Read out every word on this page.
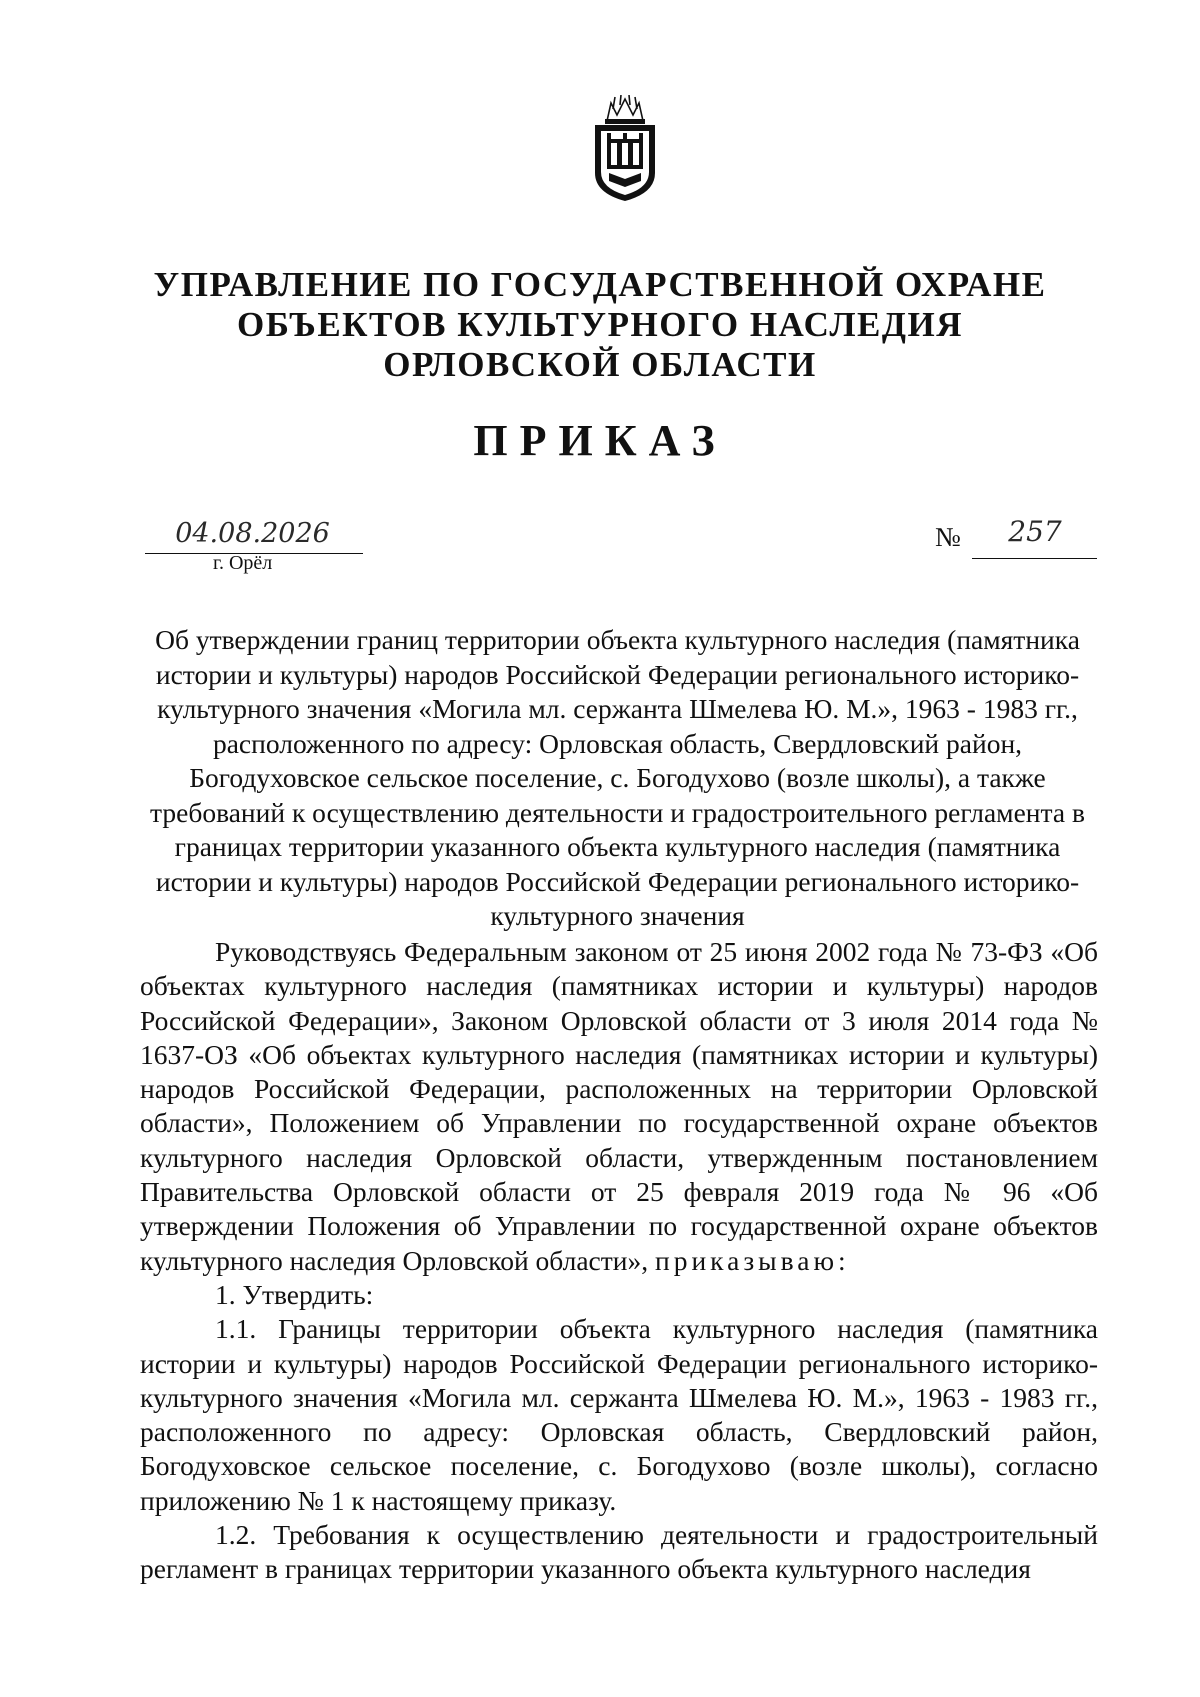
УПРАВЛЕНИЕ ПО ГОСУДАРСТВЕННОЙ ОХРАНЕ
ОБЪЕКТОВ КУЛЬТУРНОГО НАСЛЕДИЯ
ОРЛОВСКОЙ ОБЛАСТИ
ПРИКАЗ
04.08.2026
г. Орёл
№	257
Об утверждении границ территории объекта культурного наследия (памятника истории и культуры) народов Российской Федерации регионального историко-культурного значения «Могила мл. сержанта Шмелева Ю. М.», 1963 - 1983 гг., расположенного по адресу: Орловская область, Свердловский район, Богодуховское сельское поселение, с. Богодухово (возле школы), а также требований к осуществлению деятельности и градостроительного регламента в границах территории указанного объекта культурного наследия (памятника истории и культуры) народов Российской Федерации регионального историко-культурного значения

Руководствуясь Федеральным законом от 25 июня 2002 года № 73-ФЗ «Об объектах культурного наследия (памятниках истории и культуры) народов Российской Федерации», Законом Орловской области от 3 июля 2014 года № 1637-ОЗ «Об объектах культурного наследия (памятниках истории и культуры) народов Российской Федерации, расположенных на территории Орловской области», Положением об Управлении по государственной охране объектов культурного наследия Орловской области, утвержденным постановлением Правительства Орловской области от 25 февраля 2019 года № 96 «Об утверждении Положения об Управлении по государственной охране объектов культурного наследия Орловской области», приказываю:

1. Утвердить:

1.1. Границы территории объекта культурного наследия (памятника истории и культуры) народов Российской Федерации регионального историко-культурного значения «Могила мл. сержанта Шмелева Ю. М.», 1963 - 1983 гг., расположенного по адресу: Орловская область, Свердловский район, Богодуховское сельское поселение, с. Богодухово (возле школы), согласно приложению № 1 к настоящему приказу.

1.2. Требования к осуществлению деятельности и градостроительный регламент в границах территории указанного объекта культурного наследия
